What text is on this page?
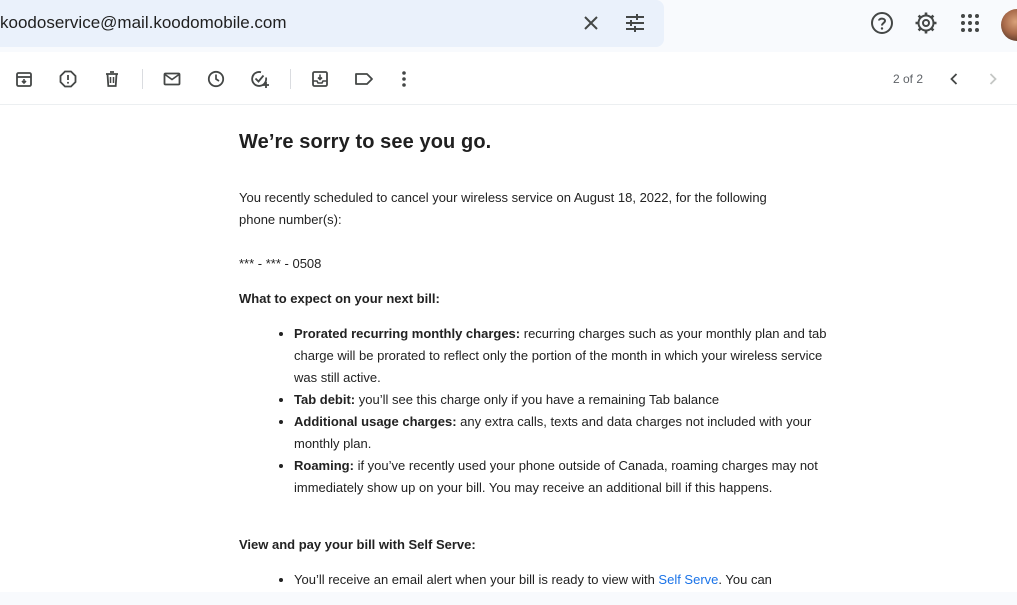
koodoservice@mail.koodomobile.com
2 of 2
We’re sorry to see you go.
You recently scheduled to cancel your wireless service on August 18, 2022, for the following phone number(s):
*** - *** - 0508
What to expect on your next bill:
• Prorated recurring monthly charges: recurring charges such as your monthly plan and tab charge will be prorated to reflect only the portion of the month in which your wireless service was still active.
• Tab debit: you’ll see this charge only if you have a remaining Tab balance
• Additional usage charges: any extra calls, texts and data charges not included with your monthly plan.
• Roaming: if you’ve recently used your phone outside of Canada, roaming charges may not immediately show up on your bill. You may receive an additional bill if this happens.
View and pay your bill with Self Serve:
• You’ll receive an email alert when your bill is ready to view with Self Serve. You can
